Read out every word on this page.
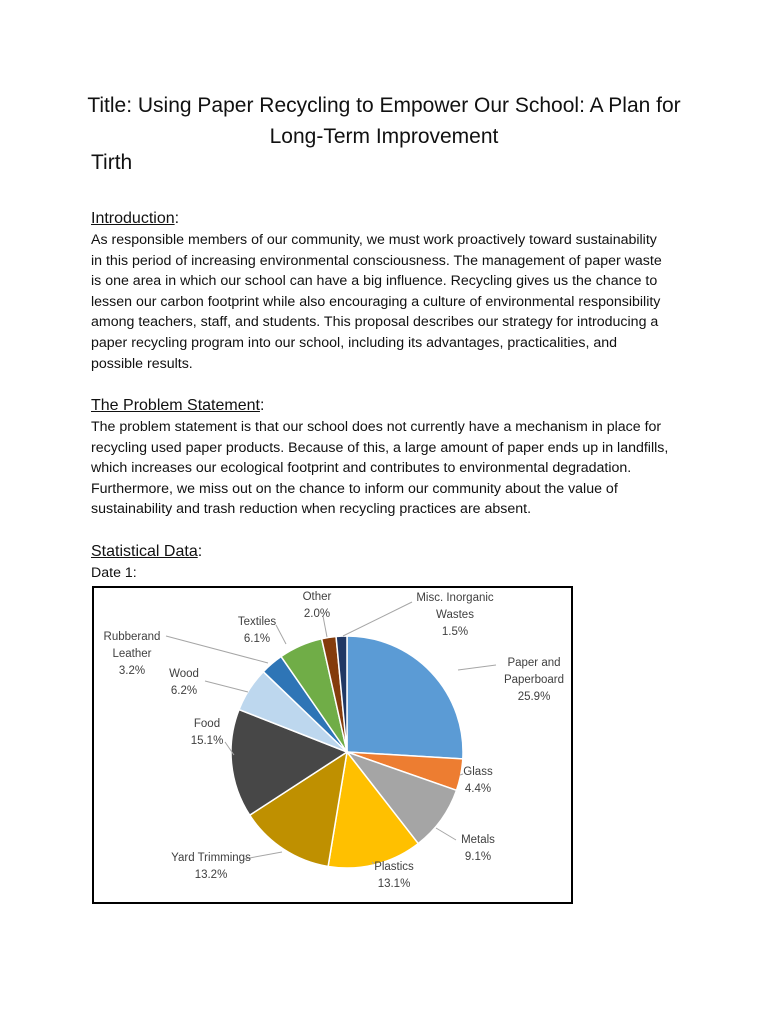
Title: Using Paper Recycling to Empower Our School: A Plan for Long-Term Improvement
Tirth
Introduction:

As responsible members of our community, we must work proactively toward sustainability in this period of increasing environmental consciousness. The management of paper waste is one area in which our school can have a big influence. Recycling gives us the chance to lessen our carbon footprint while also encouraging a culture of environmental responsibility among teachers, staff, and students. This proposal describes our strategy for introducing a paper recycling program into our school, including its advantages, practicalities, and possible results.

The Problem Statement:

The problem statement is that our school does not currently have a mechanism in place for recycling used paper products. Because of this, a large amount of paper ends up in landfills, which increases our ecological footprint and contributes to environmental degradation. Furthermore, we miss out on the chance to inform our community about the value of sustainability and trash reduction when recycling practices are absent.

Statistical Data:
Date 1:
Paper and Paperboard 25.9%
Glass 4.4%
Metals 9.1%
Plastics 13.1%
Yard Trimmings 13.2%
Food 15.1%
Wood 6.2%
Rubberand Leather 3.2%
Textiles 6.1%
Other 2.0%
Misc. Inorganic Wastes 1.5%
